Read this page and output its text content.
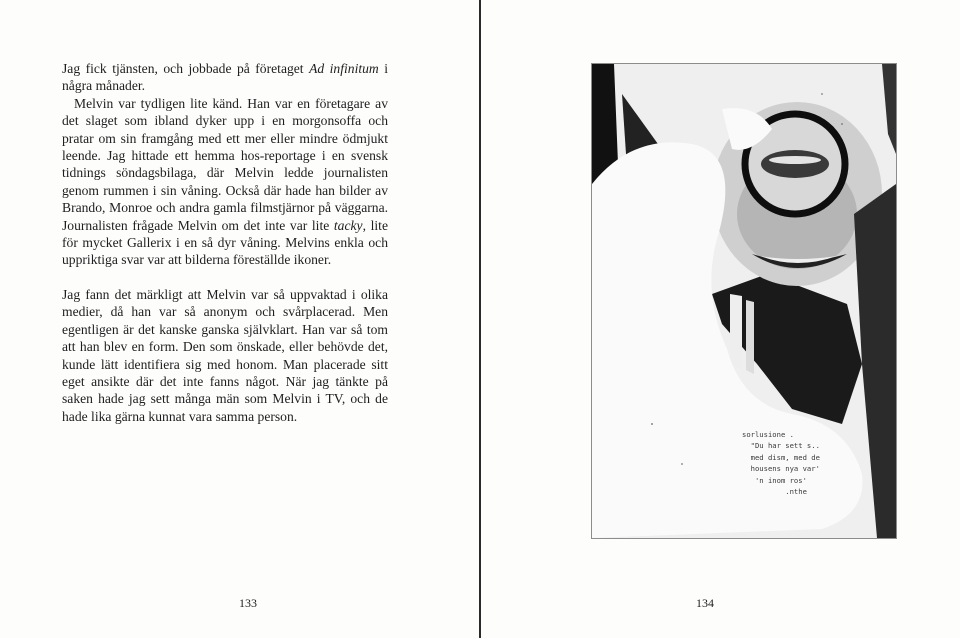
Jag fick tjänsten, och jobbade på företaget Ad infinitum i några månader.

Melvin var tydligen lite känd. Han var en företagare av det slaget som ibland dyker upp i en morgonsoffa och pratar om sin framgång med ett mer eller mindre ödmjukt leende. Jag hittade ett hemma hos-reportage i en svensk tidnings söndagsbilaga, där Melvin ledde journalisten genom rummen i sin våning. Också där hade han bilder av Brando, Monroe och andra gamla filmstjärnor på väggarna. Journalisten frågade Melvin om det inte var lite tacky, lite för mycket Gallerix i en så dyr våning. Melvins enkla och uppriktiga svar var att bilderna föreställde ikoner.

Jag fann det märkligt att Melvin var så uppvaktad i olika medier, då han var så anonym och svårplacerad. Men egentligen är det kanske ganska självklart. Han var så tom att han blev en form. Den som önskade, eller behövde det, kunde lätt identifiera sig med honom. Man placerade sitt eget ansikte där det inte fanns något. När jag tänkte på saken hade jag sett många män som Melvin i TV, och de hade lika gärna kunnat vara samma person.

133
sorlusione .
"Du har sett s..
med dism, med de
housens nya var'
'n inom ros'
.nthe
134
